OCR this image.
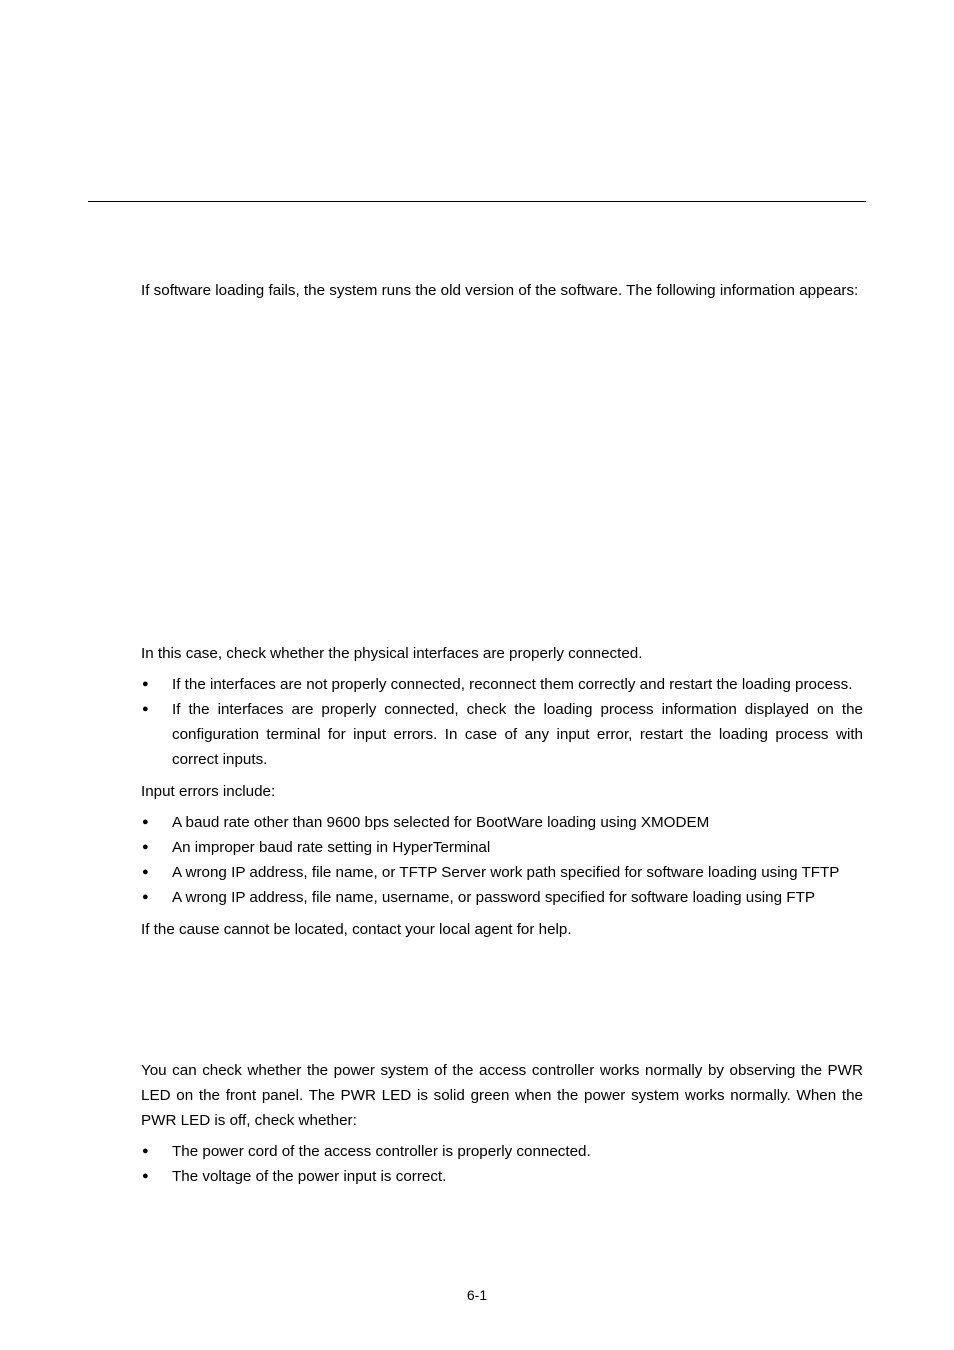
If software loading fails, the system runs the old version of the software. The following information appears:

In this case, check whether the physical interfaces are properly connected.

● If the interfaces are not properly connected, reconnect them correctly and restart the loading process.
● If the interfaces are properly connected, check the loading process information displayed on the configuration terminal for input errors. In case of any input error, restart the loading process with correct inputs.

Input errors include:

● A baud rate other than 9600 bps selected for BootWare loading using XMODEM
● An improper baud rate setting in HyperTerminal
● A wrong IP address, file name, or TFTP Server work path specified for software loading using TFTP
● A wrong IP address, file name, username, or password specified for software loading using FTP

If the cause cannot be located, contact your local agent for help.

You can check whether the power system of the access controller works normally by observing the PWR LED on the front panel. The PWR LED is solid green when the power system works normally. When the PWR LED is off, check whether:

● The power cord of the access controller is properly connected.
● The voltage of the power input is correct.
6-1
